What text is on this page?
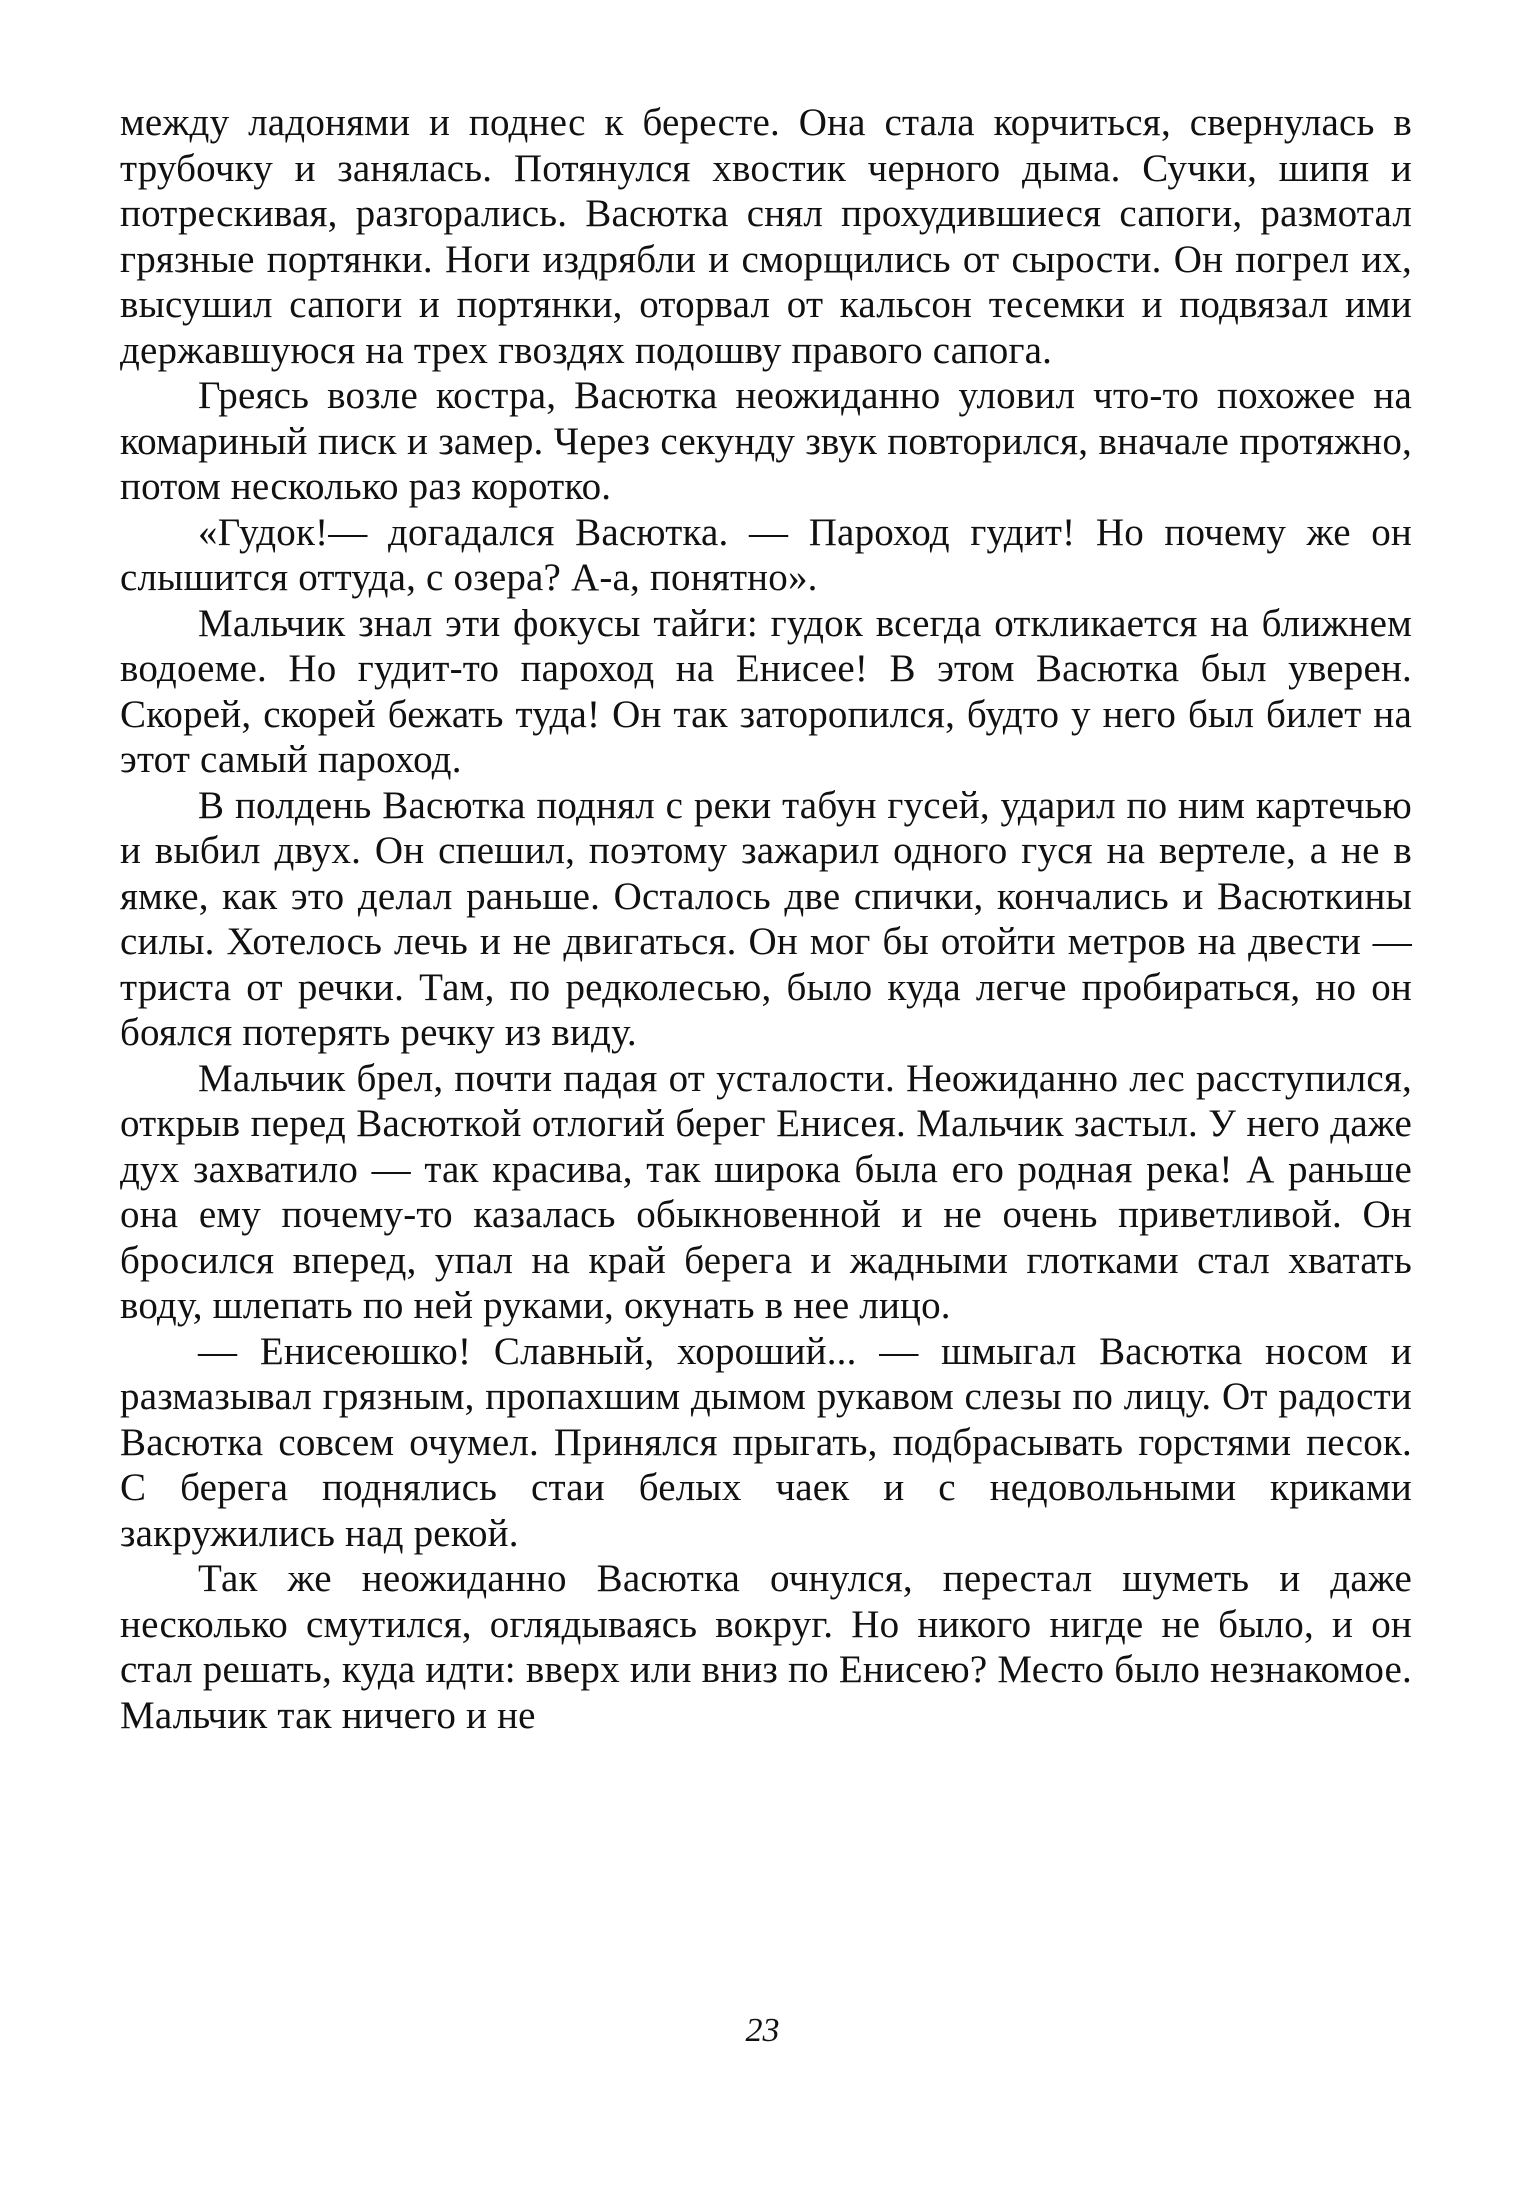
между ладонями и поднес к бересте. Она стала корчиться, свернулась в трубочку и занялась. Потянулся хвостик черного дыма. Сучки, шипя и потрескивая, разгорались. Васютка снял прохудившиеся сапоги, размотал грязные портянки. Ноги издрябли и сморщились от сырости. Он погрел их, высушил сапоги и портянки, оторвал от кальсон тесемки и подвязал ими державшуюся на трех гвоздях подошву правого сапога.

Греясь возле костра, Васютка неожиданно уловил что-то похожее на комариный писк и замер. Через секунду звук повторился, вначале протяжно, потом несколько раз коротко.

«Гудок!— догадался Васютка. — Пароход гудит! Но почему же он слышится оттуда, с озера? А-а, понятно».

Мальчик знал эти фокусы тайги: гудок всегда откликается на ближнем водоеме. Но гудит-то пароход на Енисее! В этом Васютка был уверен. Скорей, скорей бежать туда! Он так заторопился, будто у него был билет на этот самый пароход.

В полдень Васютка поднял с реки табун гусей, ударил по ним картечью и выбил двух. Он спешил, поэтому зажарил одного гуся на вертеле, а не в ямке, как это делал раньше. Осталось две спички, кончались и Васюткины силы. Хотелось лечь и не двигаться. Он мог бы отойти метров на двести — триста от речки. Там, по редколесью, было куда легче пробираться, но он боялся потерять речку из виду.

Мальчик брел, почти падая от усталости. Неожиданно лес расступился, открыв перед Васюткой отлогий берег Енисея. Мальчик застыл. У него даже дух захватило — так красива, так широка была его родная река! А раньше она ему почему-то казалась обыкновенной и не очень приветливой. Он бросился вперед, упал на край берега и жадными глотками стал хватать воду, шлепать по ней руками, окунать в нее лицо.

— Енисеюшко! Славный, хороший... — шмыгал Васютка носом и размазывал грязным, пропахшим дымом рукавом слезы по лицу. От радости Васютка совсем очумел. Принялся прыгать, подбрасывать горстями песок. С берега поднялись стаи белых чаек и с недовольными криками закружились над рекой.

Так же неожиданно Васютка очнулся, перестал шуметь и даже несколько смутился, оглядываясь вокруг. Но никого нигде не было, и он стал решать, куда идти: вверх или вниз по Енисею? Место было незнакомое. Мальчик так ничего и не

23
